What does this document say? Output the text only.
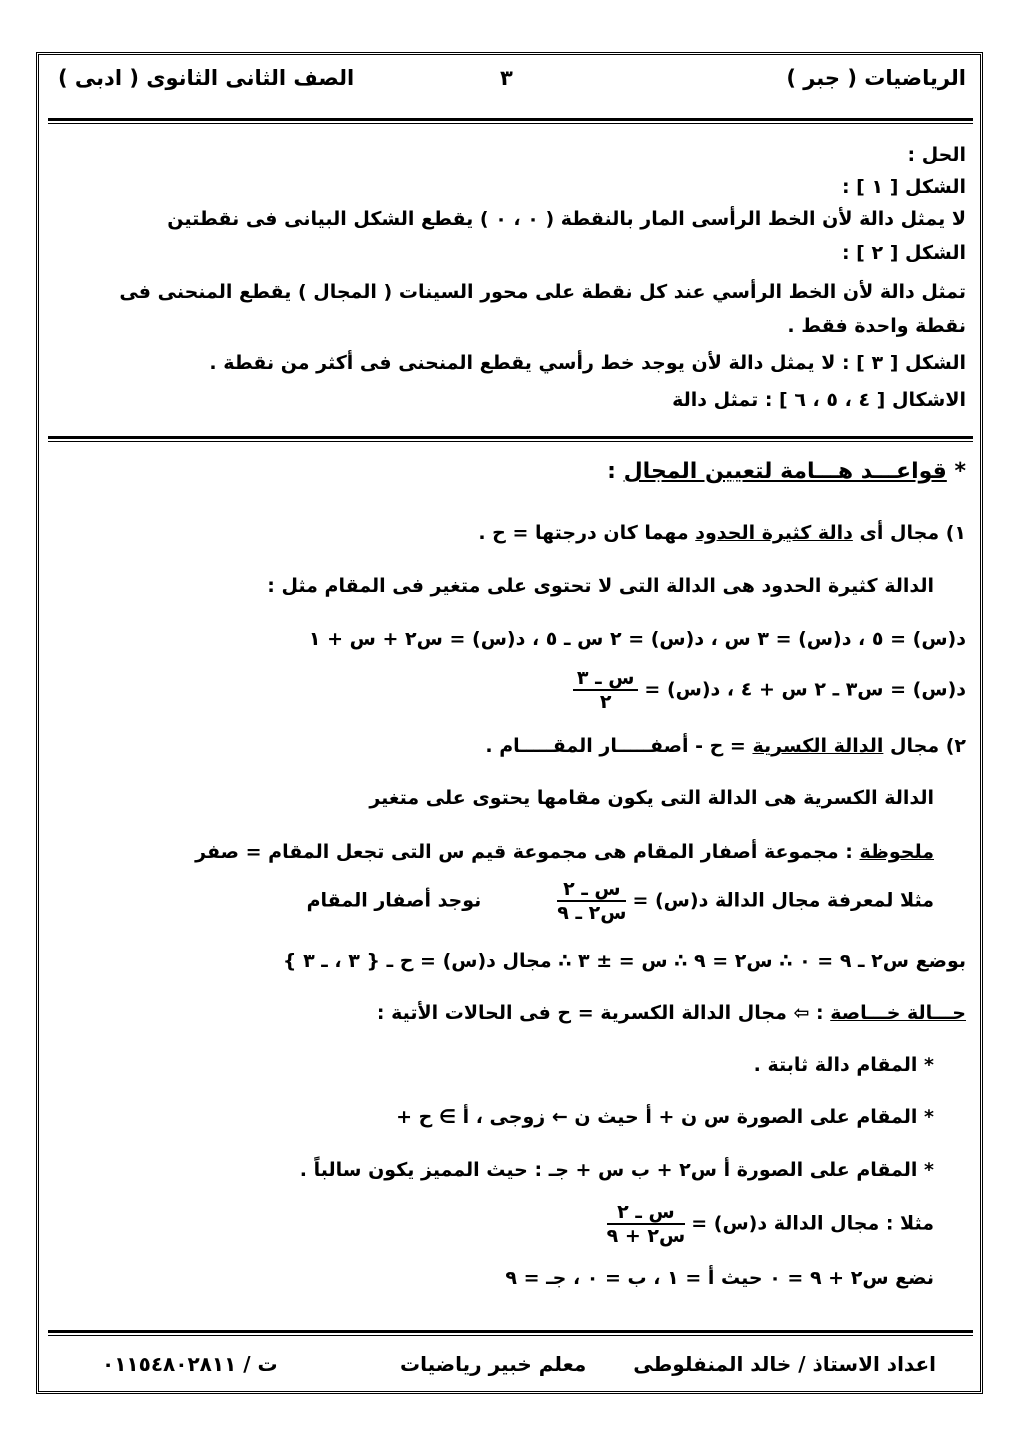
الرياضيات ( جبر )
٣
الصف الثانى الثانوى ( ادبى )
الحل :
الشكل [ ١ ] :
لا يمثل دالة لأن الخط الرأسى المار بالنقطة ( ٠ ، ٠ ) يقطع الشكل البيانى فى نقطتين
الشكل [ ٢ ] :
تمثل دالة لأن الخط الرأسي عند كل نقطة على محور السينات ( المجال ) يقطع المنحنى فى
نقطة واحدة فقط .
الشكل [ ٣ ] : لا يمثل دالة لأن يوجد خط رأسي يقطع المنحنى فى أكثر من نقطة .
الاشكال [ ٤ ، ٥ ، ٦ ] : تمثل دالة
* قواعـــد هـــامة لتعيين المجال :
١) مجال أى دالة كثيرة الحدود مهما كان درجتها = ح .
الدالة كثيرة الحدود هى الدالة التى لا تحتوى على متغير فى المقام مثل :
د(س) = ٥ ، د(س) = ٣ س ، د(س) = ٢ س ـ ٥ ، د(س) = س٢ + س + ١
د(س) = س٣ ـ ٢ س + ٤ ، د(س) =
$\frac{\text{س ـ ٣}}{٢}$
٢) مجال الدالة الكسرية = ح - أصفـــــار المقـــــام .
الدالة الكسرية هى الدالة التى يكون مقامها يحتوى على متغير
ملحوظة : مجموعة أصفار المقام هى مجموعة قيم س التى تجعل المقام = صفر
مثلا لمعرفة مجال الدالة د(س) =
$\frac{\text{س ـ ٢}}{\text{س٢ ـ ٩}}$
نوجد أصفار المقام
بوضع س٢ ـ ٩ = ٠ ∴ س٢ = ٩ ∴ س = ± ٣ ∴ مجال د(س) = ح ـ { ٣ ، ـ ٣ }
حـــالة خـــاصة : ⇦ مجال الدالة الكسرية = ح فى الحالات الأتية :
* المقام دالة ثابتة .
* المقام على الصورة س ن + أ حيث ن ← زوجى ، أ ∋ ح +
* المقام على الصورة أ س٢ + ب س + جـ : حيث المميز يكون سالباً .
مثلا : مجال الدالة د(س) =
$\frac{\text{س ـ ٢}}{\text{س٢ + ٩}}$
نضع س٢ + ٩ = ٠ حيث أ = ١ ، ب = ٠ ، جـ = ٩
اعداد الاستاذ / خالد المنفلوطى
معلم خبير رياضيات
ت / ٠١١٥٤٨٠٢٨١١
